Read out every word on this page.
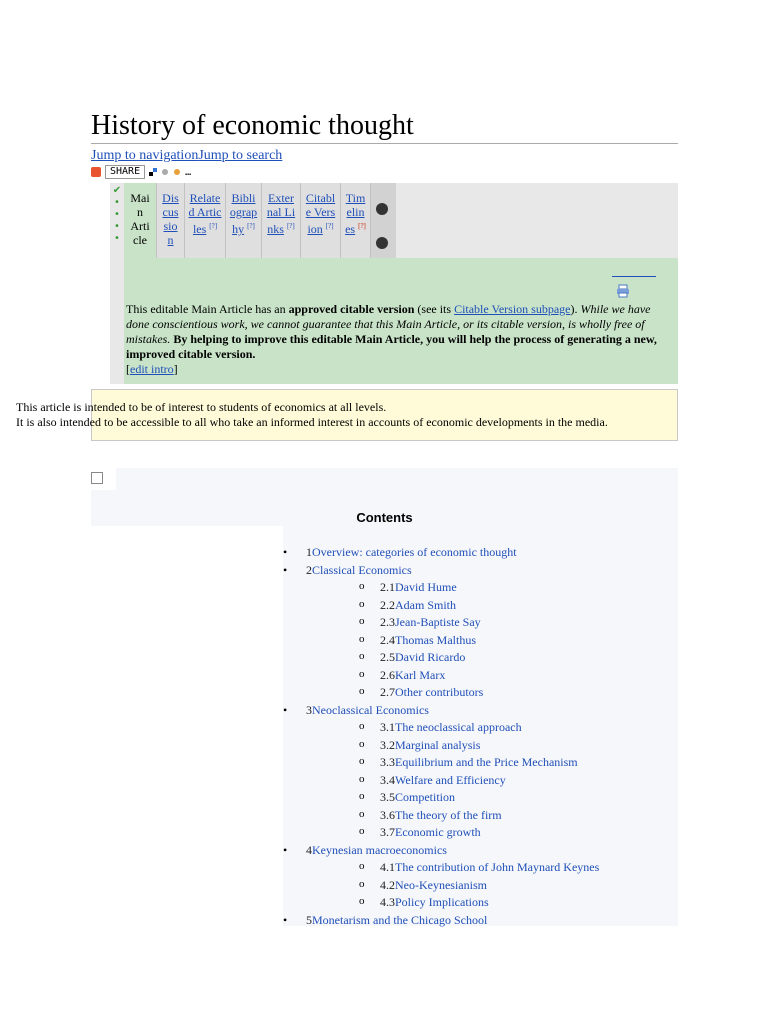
History of economic thought
Jump to navigationJump to search
SHARE	…
✔
•
•
•
•
Mai n Arti cle
Dis cus sio n
Relate d Artic les [?]
Bibli ograp hy [?]
Exter nal Li nks [?]
Citabl e Vers ion [?]
Tim elin es [?]
This editable Main Article has an approved citable version (see its Citable Version subpage). While we have done conscientious work, we cannot guarantee that this Main Article, or its citable version, is wholly free of mistakes. By helping to improve this editable Main Article, you will help the process of generating a new, improved citable version.
[edit intro]
This article is intended to be of interest to students of economics at all levels.
It is also intended to be accessible to all who take an informed interest in accounts of economic developments in the media.
Contents
• 1Overview: categories of economic thought
• 2Classical Economics
o 2.1David Hume
o 2.2Adam Smith
o 2.3Jean-Baptiste Say
o 2.4Thomas Malthus
o 2.5David Ricardo
o 2.6Karl Marx
o 2.7Other contributors
• 3Neoclassical Economics
o 3.1The neoclassical approach
o 3.2Marginal analysis
o 3.3Equilibrium and the Price Mechanism
o 3.4Welfare and Efficiency
o 3.5Competition
o 3.6The theory of the firm
o 3.7Economic growth
• 4Keynesian macroeconomics
o 4.1The contribution of John Maynard Keynes
o 4.2Neo-Keynesianism
o 4.3Policy Implications
• 5Monetarism and the Chicago School
